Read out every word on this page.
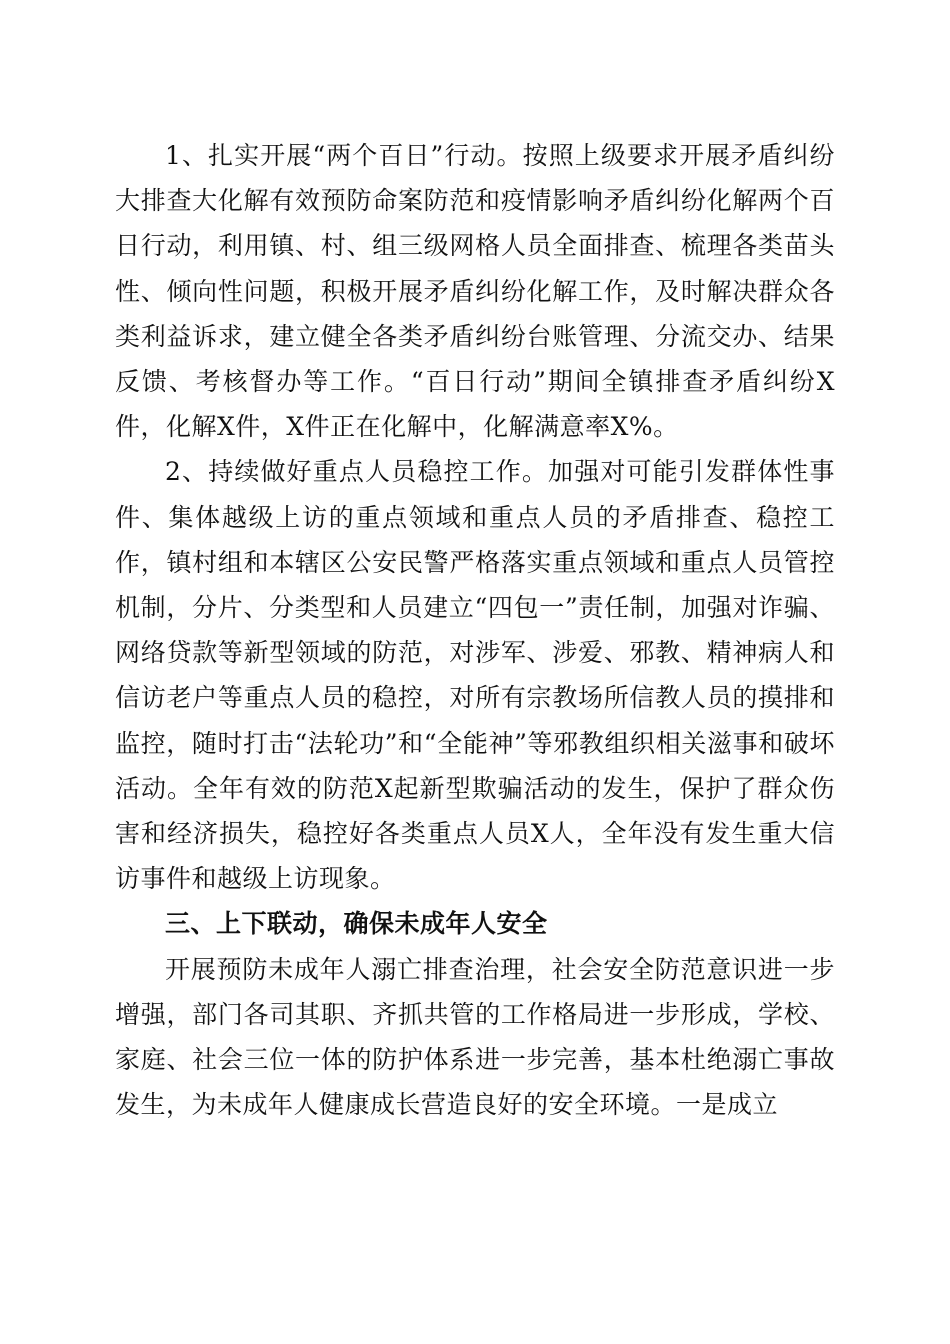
1、扎实开展“两个百日”行动。按照上级要求开展矛盾纠纷大排查大化解有效预防命案防范和疫情影响矛盾纠纷化解两个百日行动，利用镇、村、组三级网格人员全面排查、梳理各类苗头性、倾向性问题，积极开展矛盾纠纷化解工作，及时解决群众各类利益诉求，建立健全各类矛盾纠纷台账管理、分流交办、结果反馈、考核督办等工作。“百日行动”期间全镇排查矛盾纠纷X件，化解X件，X件正在化解中，化解满意率X%。

2、持续做好重点人员稳控工作。加强对可能引发群体性事件、集体越级上访的重点领域和重点人员的矛盾排查、稳控工作，镇村组和本辖区公安民警严格落实重点领域和重点人员管控机制，分片、分类型和人员建立“四包一”责任制，加强对诈骗、网络贷款等新型领域的防范，对涉军、涉爱、邪教、精神病人和信访老户等重点人员的稳控，对所有宗教场所信教人员的摸排和监控，随时打击“法轮功”和“全能神”等邪教组织相关滋事和破坏活动。全年有效的防范X起新型欺骗活动的发生，保护了群众伤害和经济损失，稳控好各类重点人员X人，全年没有发生重大信访事件和越级上访现象。

三、上下联动，确保未成年人安全

开展预防未成年人溺亡排查治理，社会安全防范意识进一步增强，部门各司其职、齐抓共管的工作格局进一步形成，学校、家庭、社会三位一体的防护体系进一步完善，基本杜绝溺亡事故发生，为未成年人健康成长营造良好的安全环境。一是成立
